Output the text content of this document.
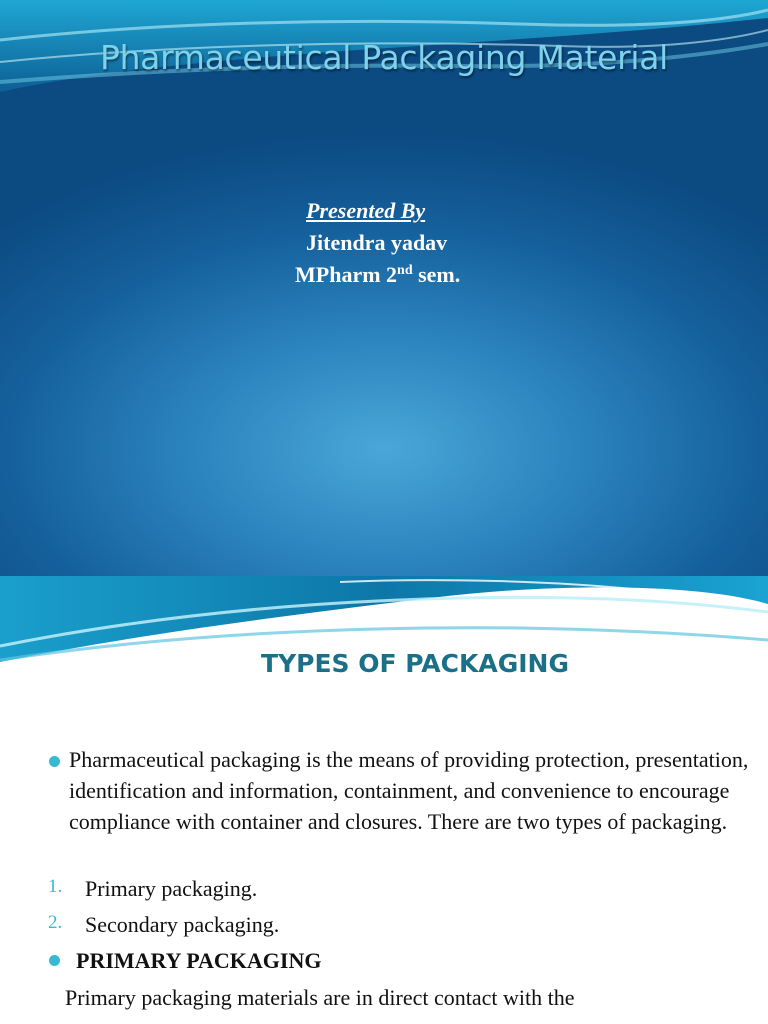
Pharmaceutical Packaging Material
Presented By
Jitendra yadav
MPharm 2nd sem.
TYPES OF PACKAGING
Pharmaceutical packaging is the means of providing protection, presentation, identification and information, containment, and convenience to encourage compliance with container and closures. There are two types of packaging.
1. Primary packaging.
2. Secondary packaging.
PRIMARY PACKAGING
Primary packaging materials are in direct contact with the
